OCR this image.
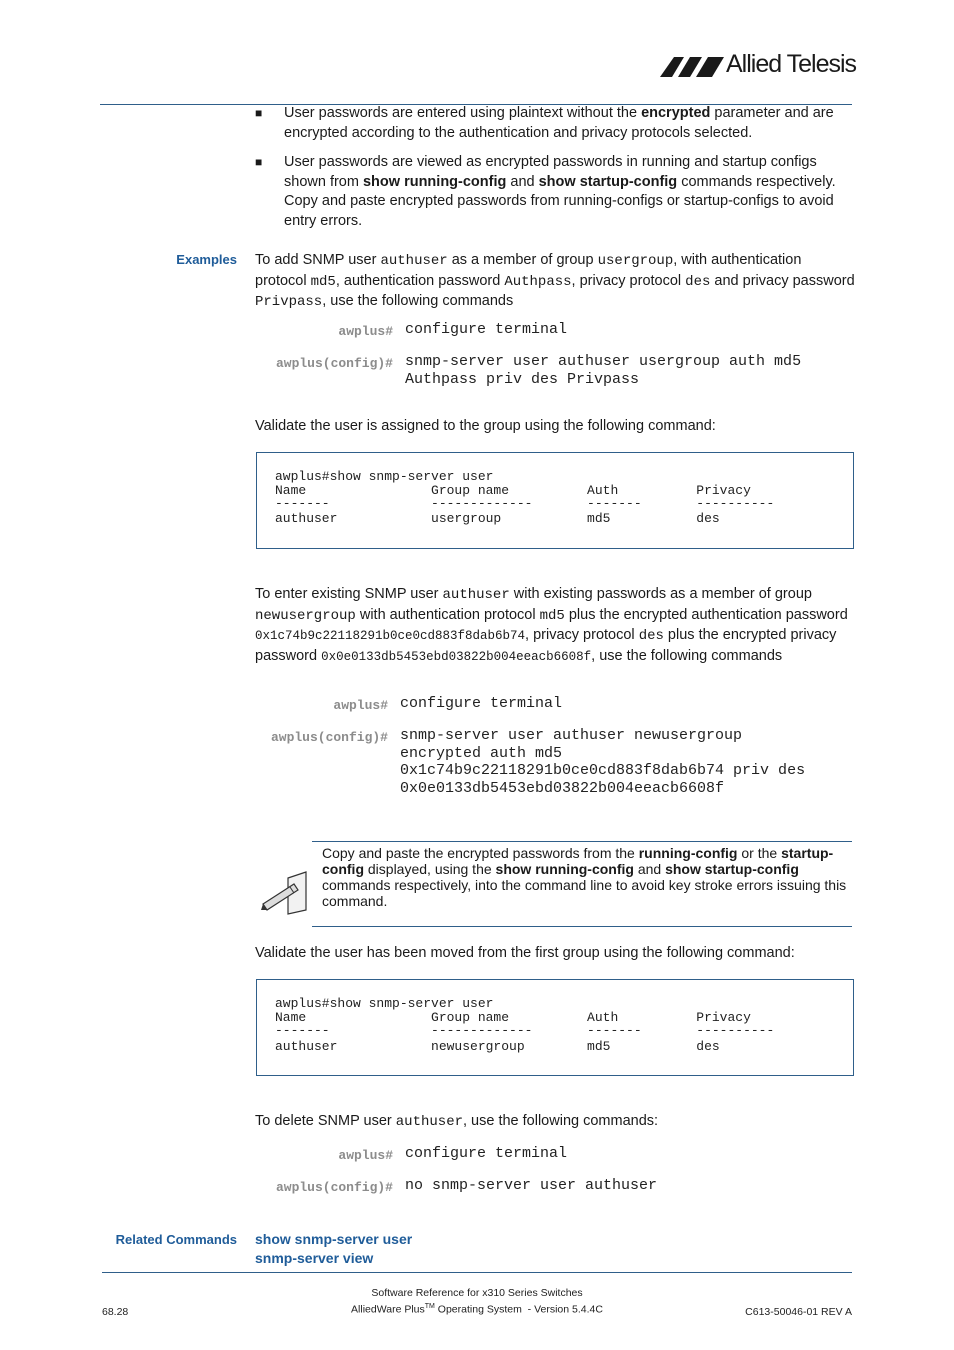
Allied Telesis
■ User passwords are entered using plaintext without the encrypted parameter and are encrypted according to the authentication and privacy protocols selected.
■ User passwords are viewed as encrypted passwords in running and startup configs shown from show running-config and show startup-config commands respectively. Copy and paste encrypted passwords from running-configs or startup-configs to avoid entry errors.
Examples To add SNMP user authuser as a member of group usergroup, with authentication protocol md5, authentication password Authpass, privacy protocol des and privacy password Privpass, use the following commands
awplus# configure terminal
awplus(config)# snmp-server user authuser usergroup auth md5
Authpass priv des Privpass
Validate the user is assigned to the group using the following command:
awplus#show snmp-server user
Name                Group name          Auth          Privacy
-------             -------------       -------       ----------
authuser            usergroup           md5           des
To enter existing SNMP user authuser with existing passwords as a member of group newusergroup with authentication protocol md5 plus the encrypted authentication password 0x1c74b9c22118291b0ce0cd883f8dab6b74, privacy protocol des plus the encrypted privacy password 0x0e0133db5453ebd03822b004eeacb6608f, use the following commands
awplus# configure terminal
awplus(config)# snmp-server user authuser newusergroup
encrypted auth md5
0x1c74b9c22118291b0ce0cd883f8dab6b74 priv des
0x0e0133db5453ebd03822b004eeacb6608f
Copy and paste the encrypted passwords from the running-config or the startup-config displayed, using the show running-config and show startup-config commands respectively, into the command line to avoid key stroke errors issuing this command.
Validate the user has been moved from the first group using the following command:
awplus#show snmp-server user
Name                Group name          Auth          Privacy
-------             -------------       -------       ----------
authuser            newusergroup        md5           des
To delete SNMP user authuser, use the following commands:
awplus# configure terminal
awplus(config)# no snmp-server user authuser
Related Commands show snmp-server user
snmp-server view
Software Reference for x310 Series Switches
68.28	AlliedWare Plus™ Operating System  - Version 5.4.4C	C613-50046-01 REV A
